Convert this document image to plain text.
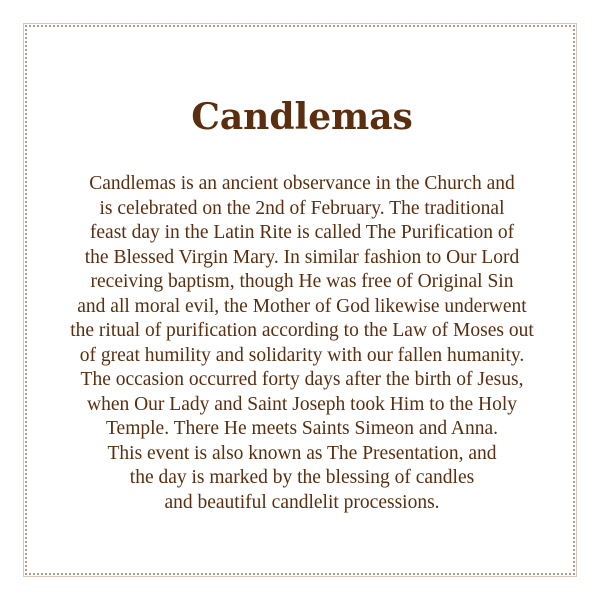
Candlemas
Candlemas is an ancient observance in the Church and
is celebrated on the 2nd of February. The traditional
feast day in the Latin Rite is called The Purification of
the Blessed Virgin Mary. In similar fashion to Our Lord
receiving baptism, though He was free of Original Sin
and all moral evil, the Mother of God likewise underwent
the ritual of purification according to the Law of Moses out
of great humility and solidarity with our fallen humanity.
The occasion occurred forty days after the birth of Jesus,
when Our Lady and Saint Joseph took Him to the Holy
Temple. There He meets Saints Simeon and Anna.
This event is also known as The Presentation, and
the day is marked by the blessing of candles
and beautiful candlelit processions.
